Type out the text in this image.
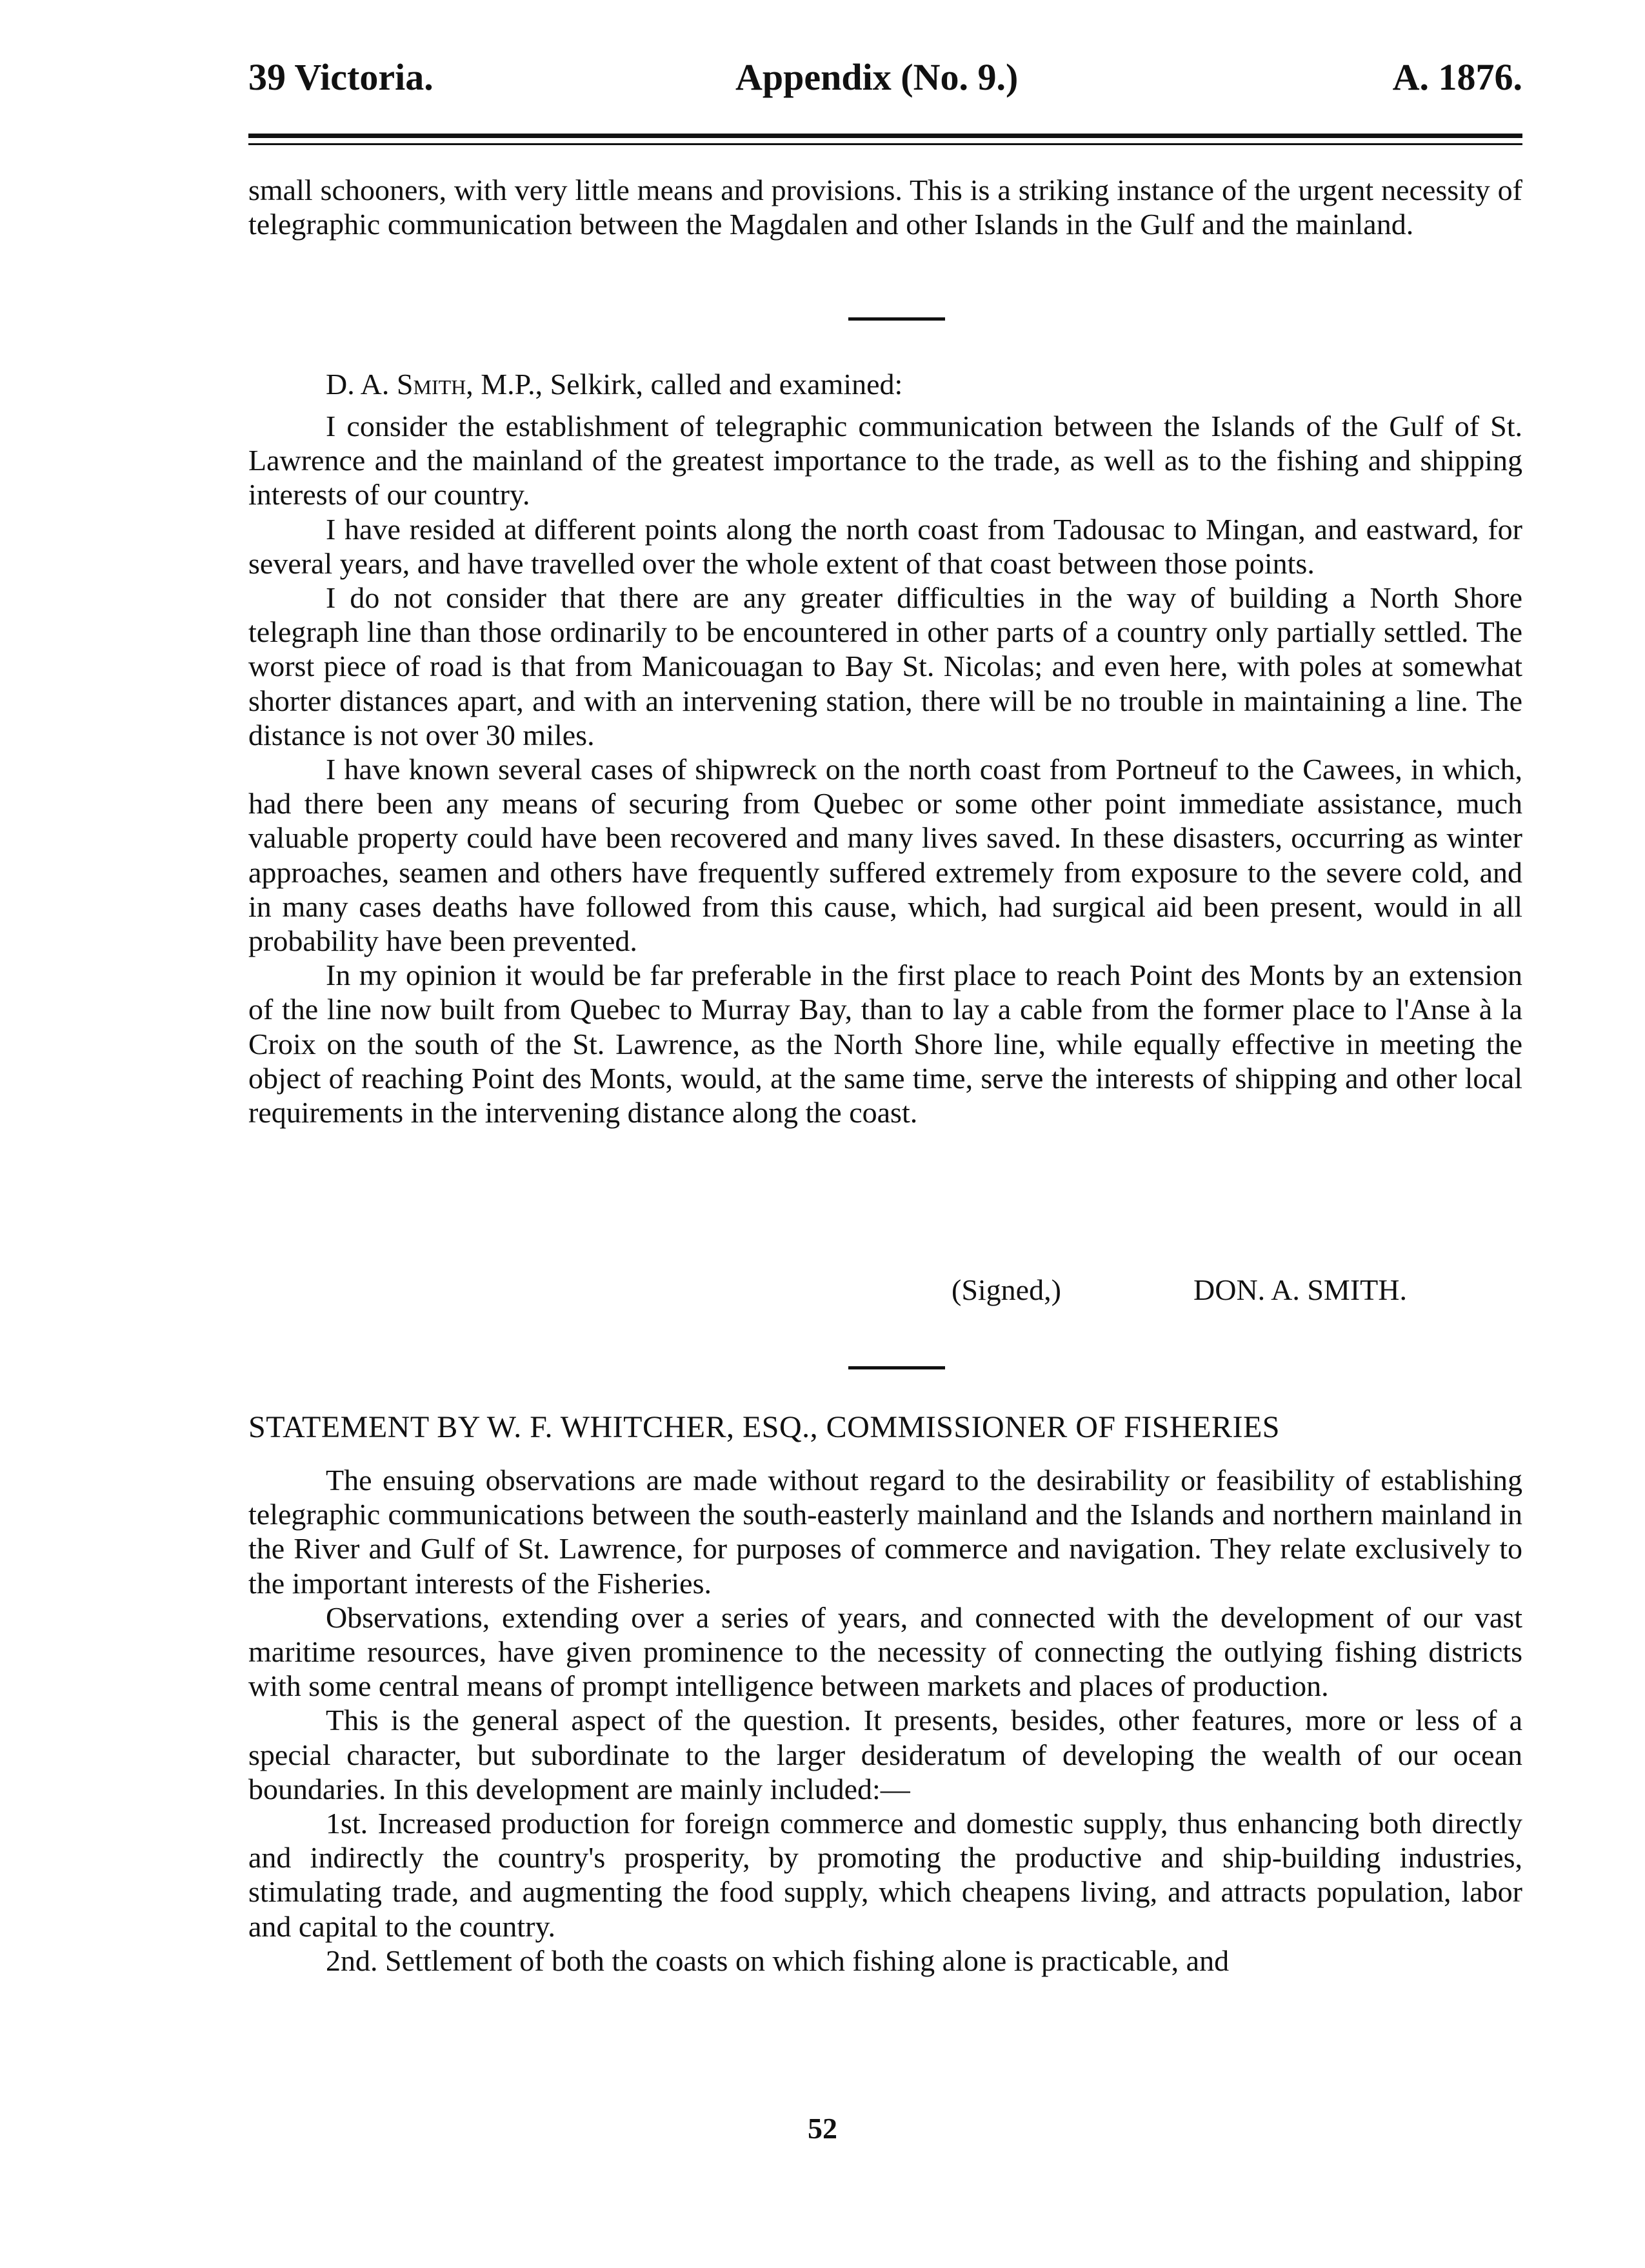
39 Victoria.	Appendix (No. 9.)	A. 1876.

small schooners, with very little means and provisions. This is a striking instance of the urgent necessity of telegraphic communication between the Magdalen and other Islands in the Gulf and the mainland.

D. A. Smith, M.P., Selkirk, called and examined:

I consider the establishment of telegraphic communication between the Islands of the Gulf of St. Lawrence and the mainland of the greatest importance to the trade, as well as to the fishing and shipping interests of our country.

I have resided at different points along the north coast from Tadousac to Mingan, and eastward, for several years, and have travelled over the whole extent of that coast between those points.

I do not consider that there are any greater difficulties in the way of building a North Shore telegraph line than those ordinarily to be encountered in other parts of a country only partially settled. The worst piece of road is that from Manicouagan to Bay St. Nicolas; and even here, with poles at somewhat shorter distances apart, and with an intervening station, there will be no trouble in maintaining a line. The distance is not over 30 miles.

I have known several cases of shipwreck on the north coast from Portneuf to the Cawees, in which, had there been any means of securing from Quebec or some other point immediate assistance, much valuable property could have been recovered and many lives saved. In these disasters, occurring as winter approaches, seamen and others have frequently suffered extremely from exposure to the severe cold, and in many cases deaths have followed from this cause, which, had surgical aid been present, would in all probability have been prevented.

In my opinion it would be far preferable in the first place to reach Point des Monts by an extension of the line now built from Quebec to Murray Bay, than to lay a cable from the former place to l'Anse à la Croix on the south of the St. Lawrence, as the North Shore line, while equally effective in meeting the object of reaching Point des Monts, would, at the same time, serve the interests of shipping and other local requirements in the intervening distance along the coast.

(Signed,)	DON. A. SMITH.
STATEMENT BY W. F. WHITCHER, ESQ., COMMISSIONER OF FISHERIES

The ensuing observations are made without regard to the desirability or feasibility of establishing telegraphic communications between the south-easterly mainland and the Islands and northern mainland in the River and Gulf of St. Lawrence, for purposes of commerce and navigation. They relate exclusively to the important interests of the Fisheries.

Observations, extending over a series of years, and connected with the development of our vast maritime resources, have given prominence to the necessity of connecting the outlying fishing districts with some central means of prompt intelligence between markets and places of production.

This is the general aspect of the question. It presents, besides, other features, more or less of a special character, but subordinate to the larger desideratum of developing the wealth of our ocean boundaries. In this development are mainly included:—

1st. Increased production for foreign commerce and domestic supply, thus enhancing both directly and indirectly the country's prosperity, by promoting the productive and ship-building industries, stimulating trade, and augmenting the food supply, which cheapens living, and attracts population, labor and capital to the country.

2nd. Settlement of both the coasts on which fishing alone is practicable, and

52
